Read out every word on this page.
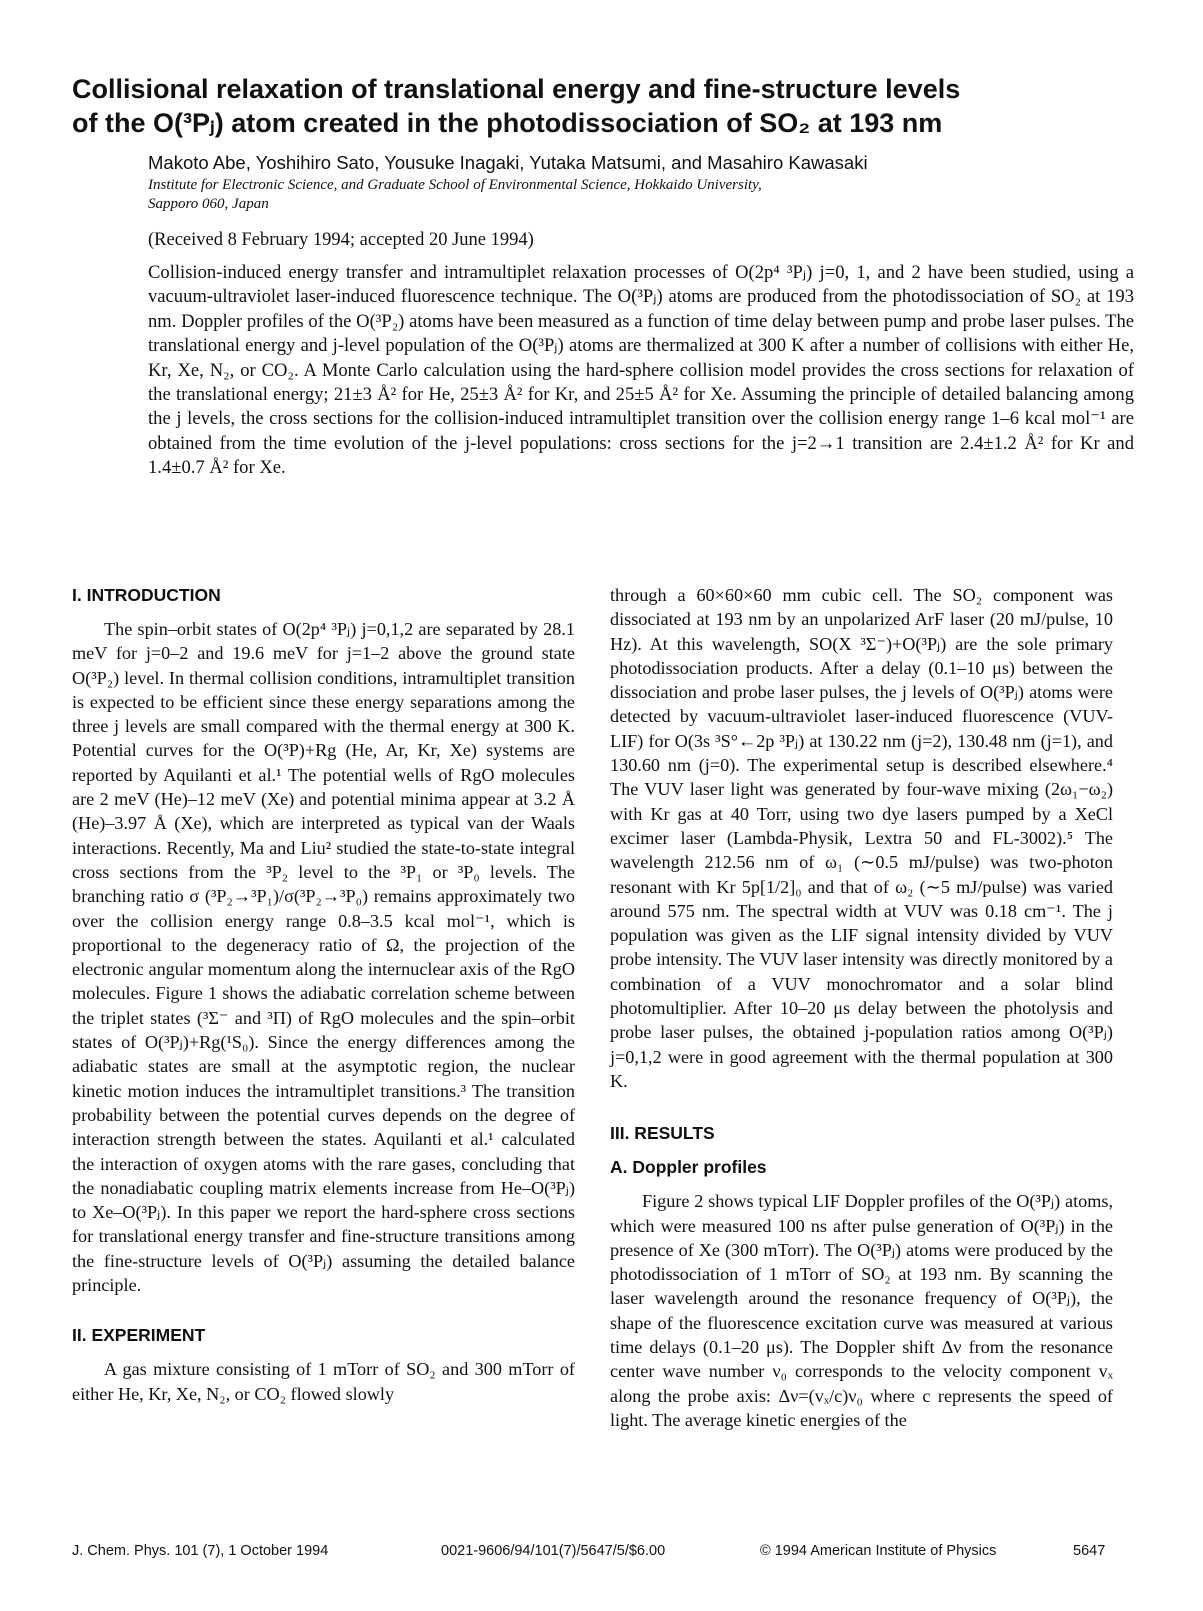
Collisional relaxation of translational energy and fine-structure levels
of the O(³Pⱼ) atom created in the photodissociation of SO₂ at 193 nm

Makoto Abe, Yoshihiro Sato, Yousuke Inagaki, Yutaka Matsumi, and Masahiro Kawasaki

Institute for Electronic Science, and Graduate School of Environmental Science, Hokkaido University,
Sapporo 060, Japan
(Received 8 February 1994; accepted 20 June 1994)

Collision-induced energy transfer and intramultiplet relaxation processes of O(2p⁴ ³Pⱼ) j=0, 1, and 2 have been studied, using a vacuum-ultraviolet laser-induced fluorescence technique. The O(³Pⱼ) atoms are produced from the photodissociation of SO₂ at 193 nm. Doppler profiles of the O(³P₂) atoms have been measured as a function of time delay between pump and probe laser pulses. The translational energy and j-level population of the O(³Pⱼ) atoms are thermalized at 300 K after a number of collisions with either He, Kr, Xe, N₂, or CO₂. A Monte Carlo calculation using the hard-sphere collision model provides the cross sections for relaxation of the translational energy; 21±3 Å² for He, 25±3 Å² for Kr, and 25±5 Å² for Xe. Assuming the principle of detailed balancing among the j levels, the cross sections for the collision-induced intramultiplet transition over the collision energy range 1–6 kcal mol⁻¹ are obtained from the time evolution of the j-level populations: cross sections for the j=2→1 transition are 2.4±1.2 Å² for Kr and 1.4±0.7 Å² for Xe.

I. INTRODUCTION

The spin–orbit states of O(2p⁴ ³Pⱼ) j=0,1,2 are separated by 28.1 meV for j=0–2 and 19.6 meV for j=1–2 above the ground state O(³P₂) level. In thermal collision conditions, intramultiplet transition is expected to be efficient since these energy separations among the three j levels are small compared with the thermal energy at 300 K. Potential curves for the O(³P)+Rg (He, Ar, Kr, Xe) systems are reported by Aquilanti et al.¹ The potential wells of RgO molecules are 2 meV (He)–12 meV (Xe) and potential minima appear at 3.2 Å (He)–3.97 Å (Xe), which are interpreted as typical van der Waals interactions. Recently, Ma and Liu² studied the state-to-state integral cross sections from the ³P₂ level to the ³P₁ or ³P₀ levels. The branching ratio σ (³P₂→³P₁)/σ(³P₂→³P₀) remains approximately two over the collision energy range 0.8–3.5 kcal mol⁻¹, which is proportional to the degeneracy ratio of Ω, the projection of the electronic angular momentum along the internuclear axis of the RgO molecules. Figure 1 shows the adiabatic correlation scheme between the triplet states (³Σ⁻ and ³Π) of RgO molecules and the spin–orbit states of O(³Pⱼ)+Rg(¹S₀). Since the energy differences among the adiabatic states are small at the asymptotic region, the nuclear kinetic motion induces the intramultiplet transitions.³ The transition probability between the potential curves depends on the degree of interaction strength between the states. Aquilanti et al.¹ calculated the interaction of oxygen atoms with the rare gases, concluding that the nonadiabatic coupling matrix elements increase from He–O(³Pⱼ) to Xe–O(³Pⱼ). In this paper we report the hard-sphere cross sections for translational energy transfer and fine-structure transitions among the fine-structure levels of O(³Pⱼ) assuming the detailed balance principle.

II. EXPERIMENT

A gas mixture consisting of 1 mTorr of SO₂ and 300 mTorr of either He, Kr, Xe, N₂, or CO₂ flowed slowly

through a 60×60×60 mm cubic cell. The SO₂ component was dissociated at 193 nm by an unpolarized ArF laser (20 mJ/pulse, 10 Hz). At this wavelength, SO(X ³Σ⁻)+O(³Pⱼ) are the sole primary photodissociation products. After a delay (0.1–10 μs) between the dissociation and probe laser pulses, the j levels of O(³Pⱼ) atoms were detected by vacuum-ultraviolet laser-induced fluorescence (VUV-LIF) for O(3s ³S°←2p ³Pⱼ) at 130.22 nm (j=2), 130.48 nm (j=1), and 130.60 nm (j=0). The experimental setup is described elsewhere.⁴ The VUV laser light was generated by four-wave mixing (2ω₁−ω₂) with Kr gas at 40 Torr, using two dye lasers pumped by a XeCl excimer laser (Lambda-Physik, Lextra 50 and FL-3002).⁵ The wavelength 212.56 nm of ω₁ (∼0.5 mJ/pulse) was two-photon resonant with Kr 5p[1/2]₀ and that of ω₂ (∼5 mJ/pulse) was varied around 575 nm. The spectral width at VUV was 0.18 cm⁻¹. The j population was given as the LIF signal intensity divided by VUV probe intensity. The VUV laser intensity was directly monitored by a combination of a VUV monochromator and a solar blind photomultiplier. After 10–20 μs delay between the photolysis and probe laser pulses, the obtained j-population ratios among O(³Pⱼ) j=0,1,2 were in good agreement with the thermal population at 300 K.

III. RESULTS
A. Doppler profiles

Figure 2 shows typical LIF Doppler profiles of the O(³Pⱼ) atoms, which were measured 100 ns after pulse generation of O(³Pⱼ) in the presence of Xe (300 mTorr). The O(³Pⱼ) atoms were produced by the photodissociation of 1 mTorr of SO₂ at 193 nm. By scanning the laser wavelength around the resonance frequency of O(³Pⱼ), the shape of the fluorescence excitation curve was measured at various time delays (0.1–20 μs). The Doppler shift Δν from the resonance center wave number ν₀ corresponds to the velocity component vₓ along the probe axis: Δν=(vₓ/c)ν₀ where c represents the speed of light. The average kinetic energies of the

J. Chem. Phys. 101 (7), 1 October 1994	0021-9606/94/101(7)/5647/5/$6.00	© 1994 American Institute of Physics	5647
